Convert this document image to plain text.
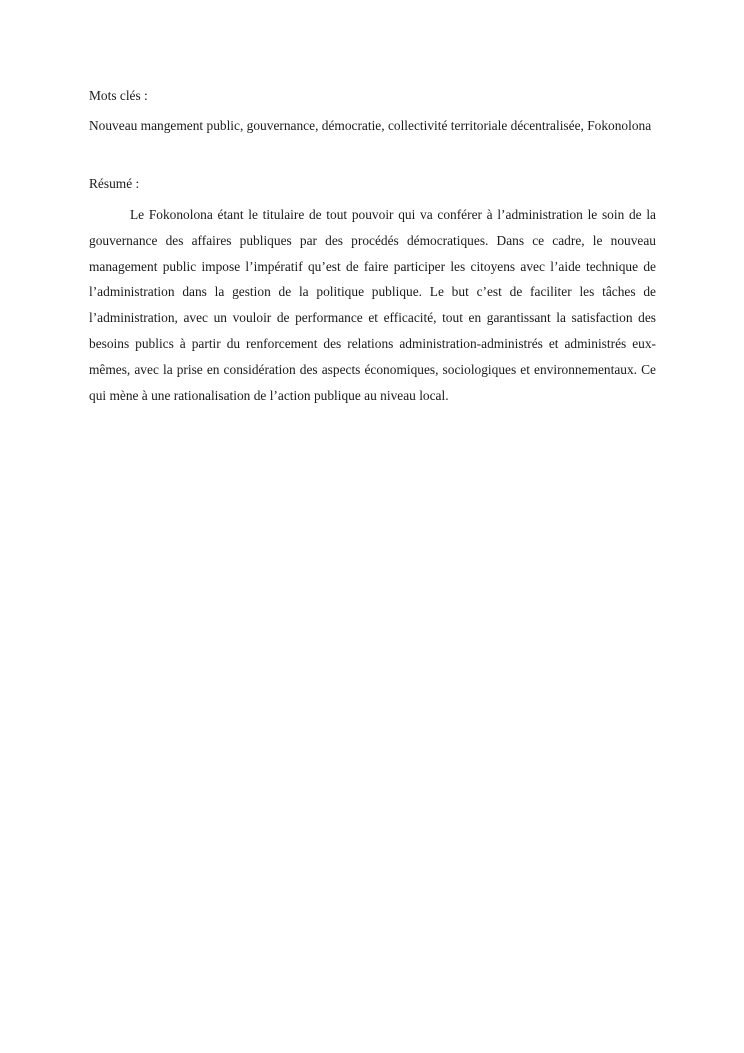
Mots clés :

Nouveau mangement public, gouvernance, démocratie, collectivité territoriale décentralisée, Fokonolona

Résumé :

Le Fokonolona étant le titulaire de tout pouvoir qui va conférer à l’administration le soin de la gouvernance des affaires publiques par des procédés démocratiques. Dans ce cadre, le nouveau management public impose l’impératif qu’est de faire participer les citoyens avec l’aide technique de l’administration dans la gestion de la politique publique. Le but c’est de faciliter les tâches de l’administration, avec un vouloir de performance et efficacité, tout en garantissant la satisfaction des besoins publics à partir du renforcement des relations administration-administrés et administrés eux-mêmes, avec la prise en considération des aspects économiques, sociologiques et environnementaux. Ce qui mène à une rationalisation de l’action publique au niveau local.
